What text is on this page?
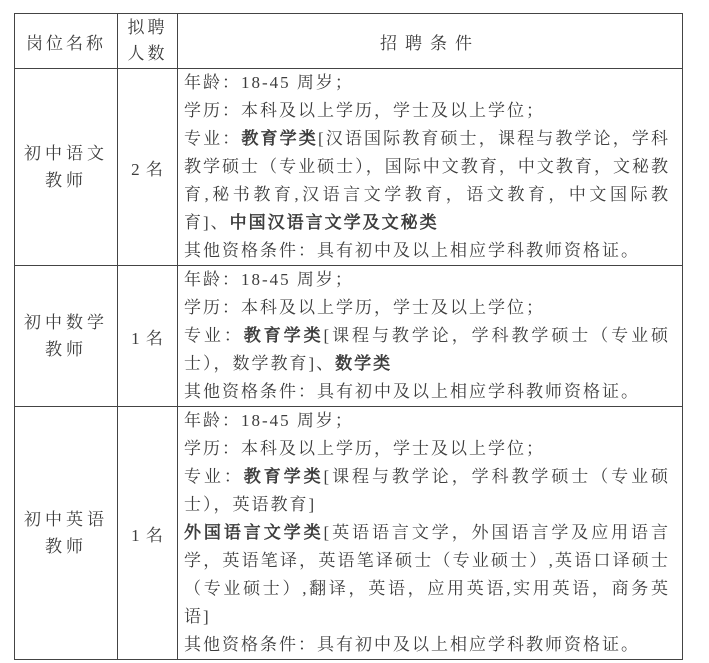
岗位名称	拟聘人数	招聘条件
初中语文教师	2 名	年龄：18-45 周岁；
学历：本科及以上学历，学士及以上学位；
专业：教育学类[汉语国际教育硕士，课程与教学论，学科教学硕士（专业硕士），国际中文教育，中文教育，文秘教育,秘书教育,汉语言文学教育，语文教育，中文国际教育]、中国汉语言文学及文秘类
其他资格条件：具有初中及以上相应学科教师资格证。

初中数学教师	1 名	年龄：18-45 周岁；
学历：本科及以上学历，学士及以上学位；
专业：教育学类[课程与教学论，学科教学硕士（专业硕士），数学教育]、数学类
其他资格条件：具有初中及以上相应学科教师资格证。

初中英语教师	1 名	年龄：18-45 周岁；
学历：本科及以上学历，学士及以上学位；
专业：教育学类[课程与教学论，学科教学硕士（专业硕士），英语教育]
外国语言文学类[英语语言文学，外国语言学及应用语言学，英语笔译，英语笔译硕士（专业硕士）,英语口译硕士（专业硕士）,翻译，英语，应用英语,实用英语，商务英语]
其他资格条件：具有初中及以上相应学科教师资格证。
